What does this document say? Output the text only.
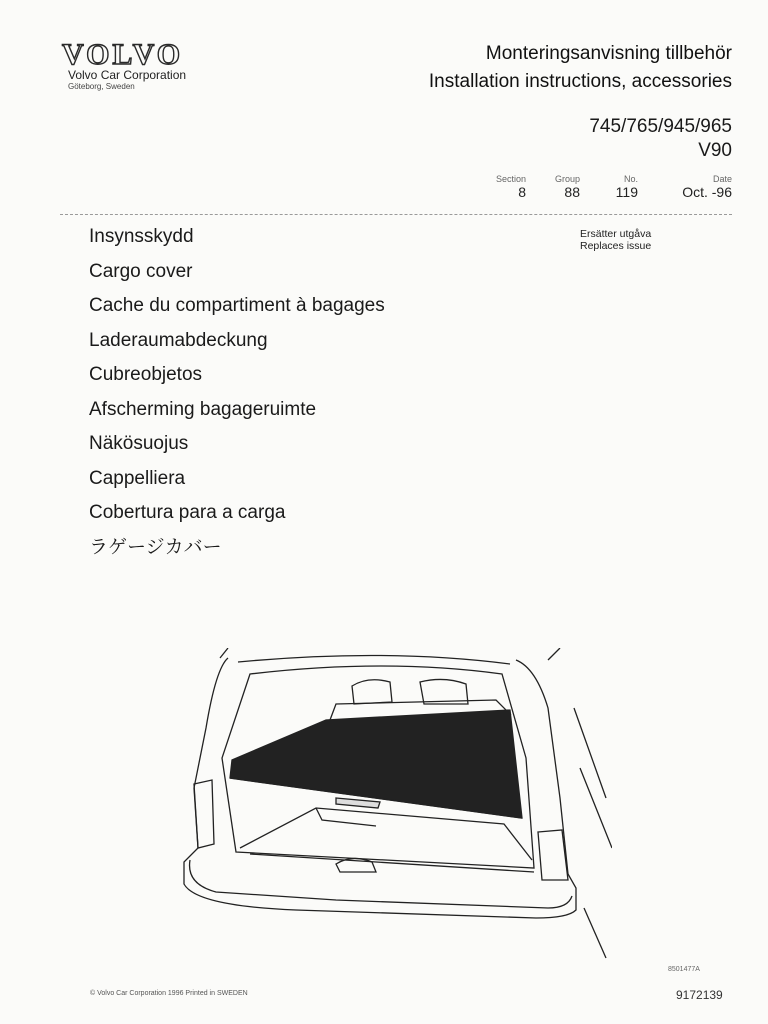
VOLVO
Volvo Car Corporation
Göteborg, Sweden
Monteringsanvisning tillbehör
Installation instructions, accessories
745/765/945/965
V90
Section
8
Group
88
No.
119
Date
Oct. -96
Ersätter utgåva
Replaces issue
Insynsskydd
Cargo cover
Cache du compartiment à bagages
Laderaumabdeckung
Cubreobjetos
Afscherming bagageruimte
Näkösuojus
Cappelliera
Cobertura para a carga
ラゲージカバー
8501477A
© Volvo Car Corporation 1996 Printed in SWEDEN	9172139
